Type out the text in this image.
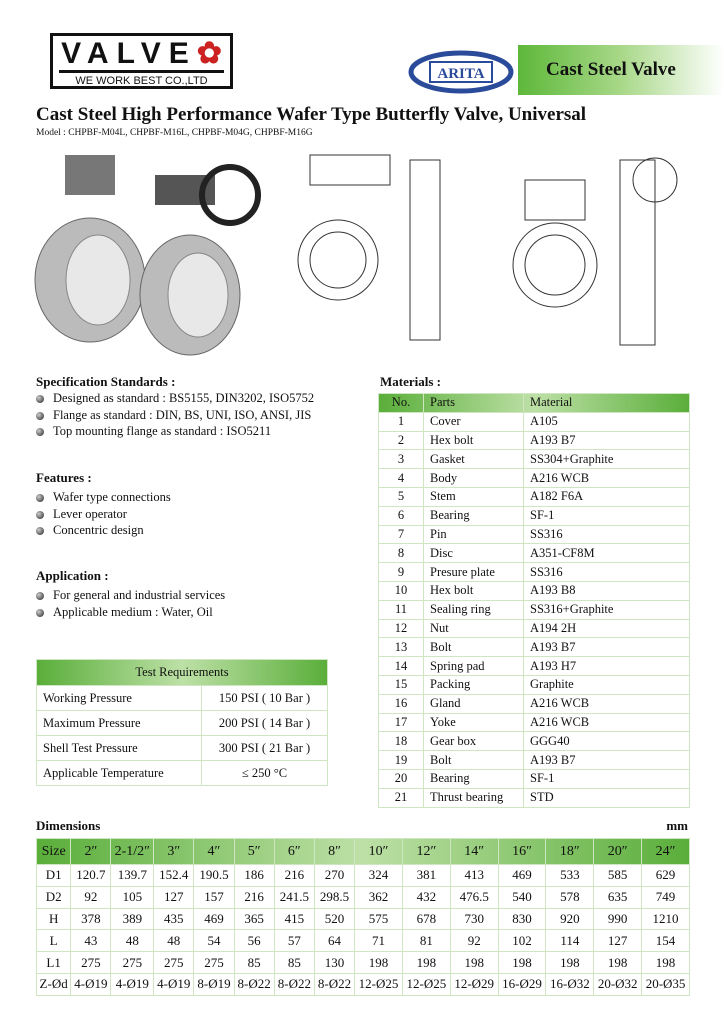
VALVE✿
WE WORK BEST CO.,LTD	ARITA	Cast Steel Valve
Cast Steel High Performance Wafer Type Butterfly Valve, Universal
Model : CHPBF-M04L, CHPBF-M16L, CHPBF-M04G, CHPBF-M16G
Specification Standards :
Designed as standard : BS5155, DIN3202, ISO5752
Flange as standard : DIN, BS, UNI, ISO, ANSI, JIS
Top mounting flange as standard : ISO5211
Features :
Wafer type connections
Lever operator
Concentric design
Application :
For general and industrial services
Applicable medium : Water, Oil
Test Requirements	
Working Pressure	150 PSI ( 10 Bar )
Maximum Pressure	200 PSI ( 14 Bar )
Shell Test Pressure	300 PSI ( 21 Bar )
Applicable Temperature	≤ 250 °C
Materials :
No.	Parts	Material
1	Cover	A105
2	Hex bolt	A193 B7
3	Gasket	SS304+Graphite
4	Body	A216 WCB
5	Stem	A182 F6A
6	Bearing	SF-1
7	Pin	SS316
8	Disc	A351-CF8M
9	Presure plate	SS316
10	Hex bolt	A193 B8
11	Sealing ring	SS316+Graphite
12	Nut	A194 2H
13	Bolt	A193 B7
14	Spring pad	A193 H7
15	Packing	Graphite
16	Gland	A216 WCB
17	Yoke	A216 WCB
18	Gear box	GGG40
19	Bolt	A193 B7
20	Bearing	SF-1
21	Thrust bearing	STD
Dimensions	mm
Size	2″	2-1/2″	3″	4″	5″	6″	8″	10″	12″	14″	16″	18″	20″	24″
D1	120.7	139.7	152.4	190.5	186	216	270	324	381	413	469	533	585	629
D2	92	105	127	157	216	241.5	298.5	362	432	476.5	540	578	635	749
H	378	389	435	469	365	415	520	575	678	730	830	920	990	1210
L	43	48	48	54	56	57	64	71	81	92	102	114	127	154
L1	275	275	275	275	85	85	130	198	198	198	198	198	198	198
Z-Ød	4-Ø19	4-Ø19	4-Ø19	8-Ø19	8-Ø22	8-Ø22	8-Ø22	12-Ø25	12-Ø25	12-Ø29	16-Ø29	16-Ø32	20-Ø32	20-Ø35
